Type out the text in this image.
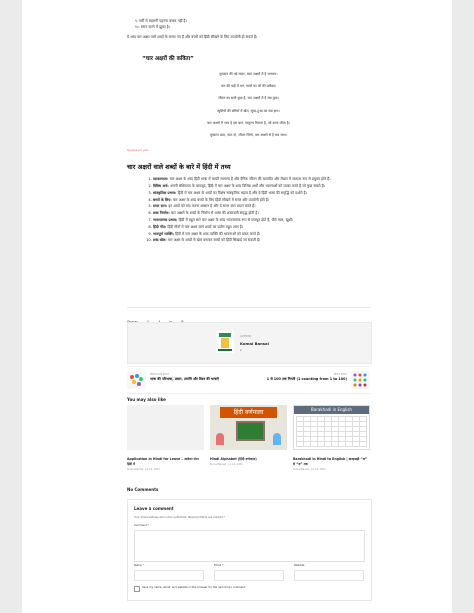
९. गर्मी में बदलनी पहनना बचाव नहीं है।
१०. स्नान करने में झुका है।
ये शब्द चार अक्षर वाले शब्दों के बनाए गए हैं और बच्चों को हिंदी सीखने के लिए उपयोगी हो सकते हैं।
“चार अक्षरों की कविता”

मुस्कान की नई सफ़र, बाल अक्षरों में है भगवान।

चार की घड़ी में धन, सत्यों का लौ की प्रतीक्षा।

जीवन का सभी कुछ है, चार अक्षरों में है सब कुछ।

खुशियों की बगियों में खेल, सुख-दु:ख का सब हाथ।

चार अक्षरों में भाव है इस बात, स्वतुल्य मिलता है, जो आज जीता है।

मुस्कान बाल, प्यार दो, जीवन जियो, चार अक्षरों से है सब साथ।

Source on you
चार अक्षरों वाले शब्दों के बारे में हिंदी में तथ्य
1. व्याकरणता: चार अक्षर के शब्द हिंदी भाषा में काफी सामान्य हैं और दैनिक जीवन की बातचीत और लेखन में व्यापक रूप से प्रयुक्त होते हैं।
2. विविध अर्थ: अपनी संक्षिप्तता के बावजूद, हिंदी में चार अक्षर के शब्द विभिन्न अर्थों और भावनाओं को व्यक्त करते हैं जो कुछ सकते हैं।
3. सांस्कृतिक प्रभाव: हिंदी में चार अक्षर के शब्दों का विशेष सांस्कृतिक महत्व है और ये हिंदी भाषा की समृद्धि को दर्शाते हैं।
4. बच्चों के लिए: चार अक्षर के शब्द बच्चों के लिए हिंदी सीखने में सरल और उपयोगी होते हैं।
5. सरल ज्ञान: इन शब्दों को याद करना आसान है और ये सरल ज्ञान प्रदान करते हैं।
6. शब्द निर्माण: चार अक्षरों के शब्दों के निर्माण से भाषा की शब्दावली समृद्ध होती है।
7. भावनात्मक प्रभाव: हिंदी में बहुत सारे चार अक्षर के शब्द भावनात्मक रूप से मजबूत होते हैं, जैसे प्यार, खुशी।
8. हिंदी गीत: हिंदी गीतों में चार अक्षर वाले शब्दों का प्रयोग बहुत आम है।
9. भावपूर्ण व्यक्ति: हिंदी में चार अक्षर के शब्द व्यक्ति की भावनाओं को प्रकट करते हैं।
10. शब्द खेल: चार अक्षर के शब्दों से खेल बनाकर बच्चों को हिंदी सिखाई जा सकती है।
AUTHOR
Komal Bansal
⌖
PREVIOUS POST
भाषा की परिभाषा, प्रकार, उत्पत्ति और विश्व की भाषाएँ
NEXT POST
1 से 100 तक गिनती (1 counting from 1 to 100)
You may also like
Application in Hindi for Leave – आवेदन लेटर हिंदी में
Komal Bansal · Jul 14, 2023
हिंदी वर्णमाला
Hindi Alphabet (हिंदी वर्णमाला)
Komal Bansal · Jul 14, 2023
Barakhadi in English
Barakhadi in Hindi to English | बारहखड़ी “अ” से “ज्ञ” तक
Komal Bansal · Jul 14, 2023
No Comments
Leave a comment
Your email address will not be published. Required fields are marked *
Comment *
Name *	Email *	Website
Save my name, email, and website in this browser for the next time I comment.
